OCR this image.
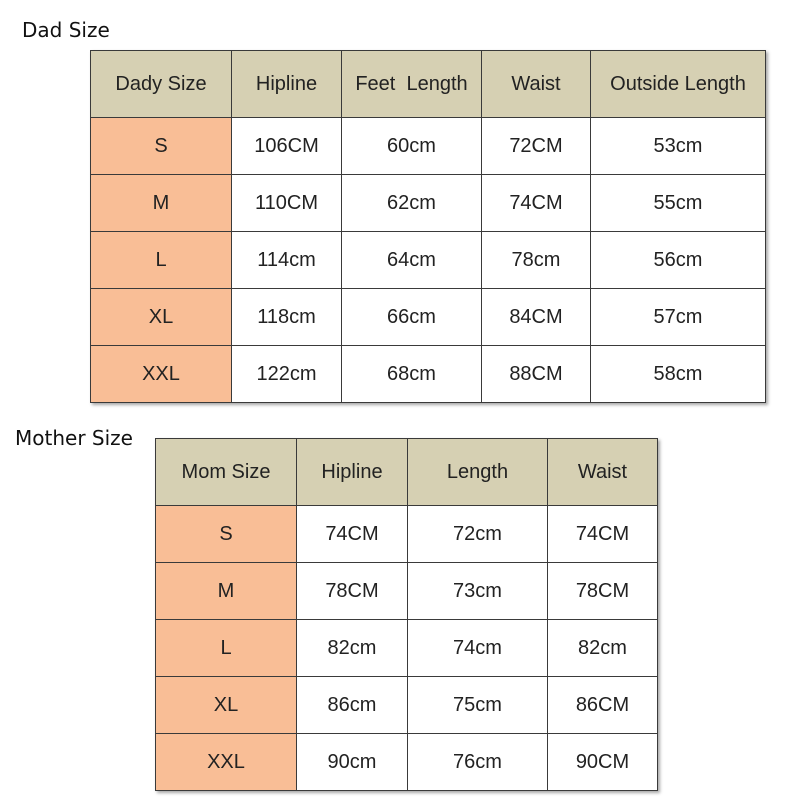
Dad Size
Dady Size	Hipline	Feet  Length	Waist	Outside Length
S	106CM	60cm	72CM	53cm
M	110CM	62cm	74CM	55cm
L	114cm	64cm	78cm	56cm
XL	118cm	66cm	84CM	57cm
XXL	122cm	68cm	88CM	58cm
Mother Size
Mom Size	Hipline	Length	Waist
S	74CM	72cm	74CM
M	78CM	73cm	78CM
L	82cm	74cm	82cm
XL	86cm	75cm	86CM
XXL	90cm	76cm	90CM
